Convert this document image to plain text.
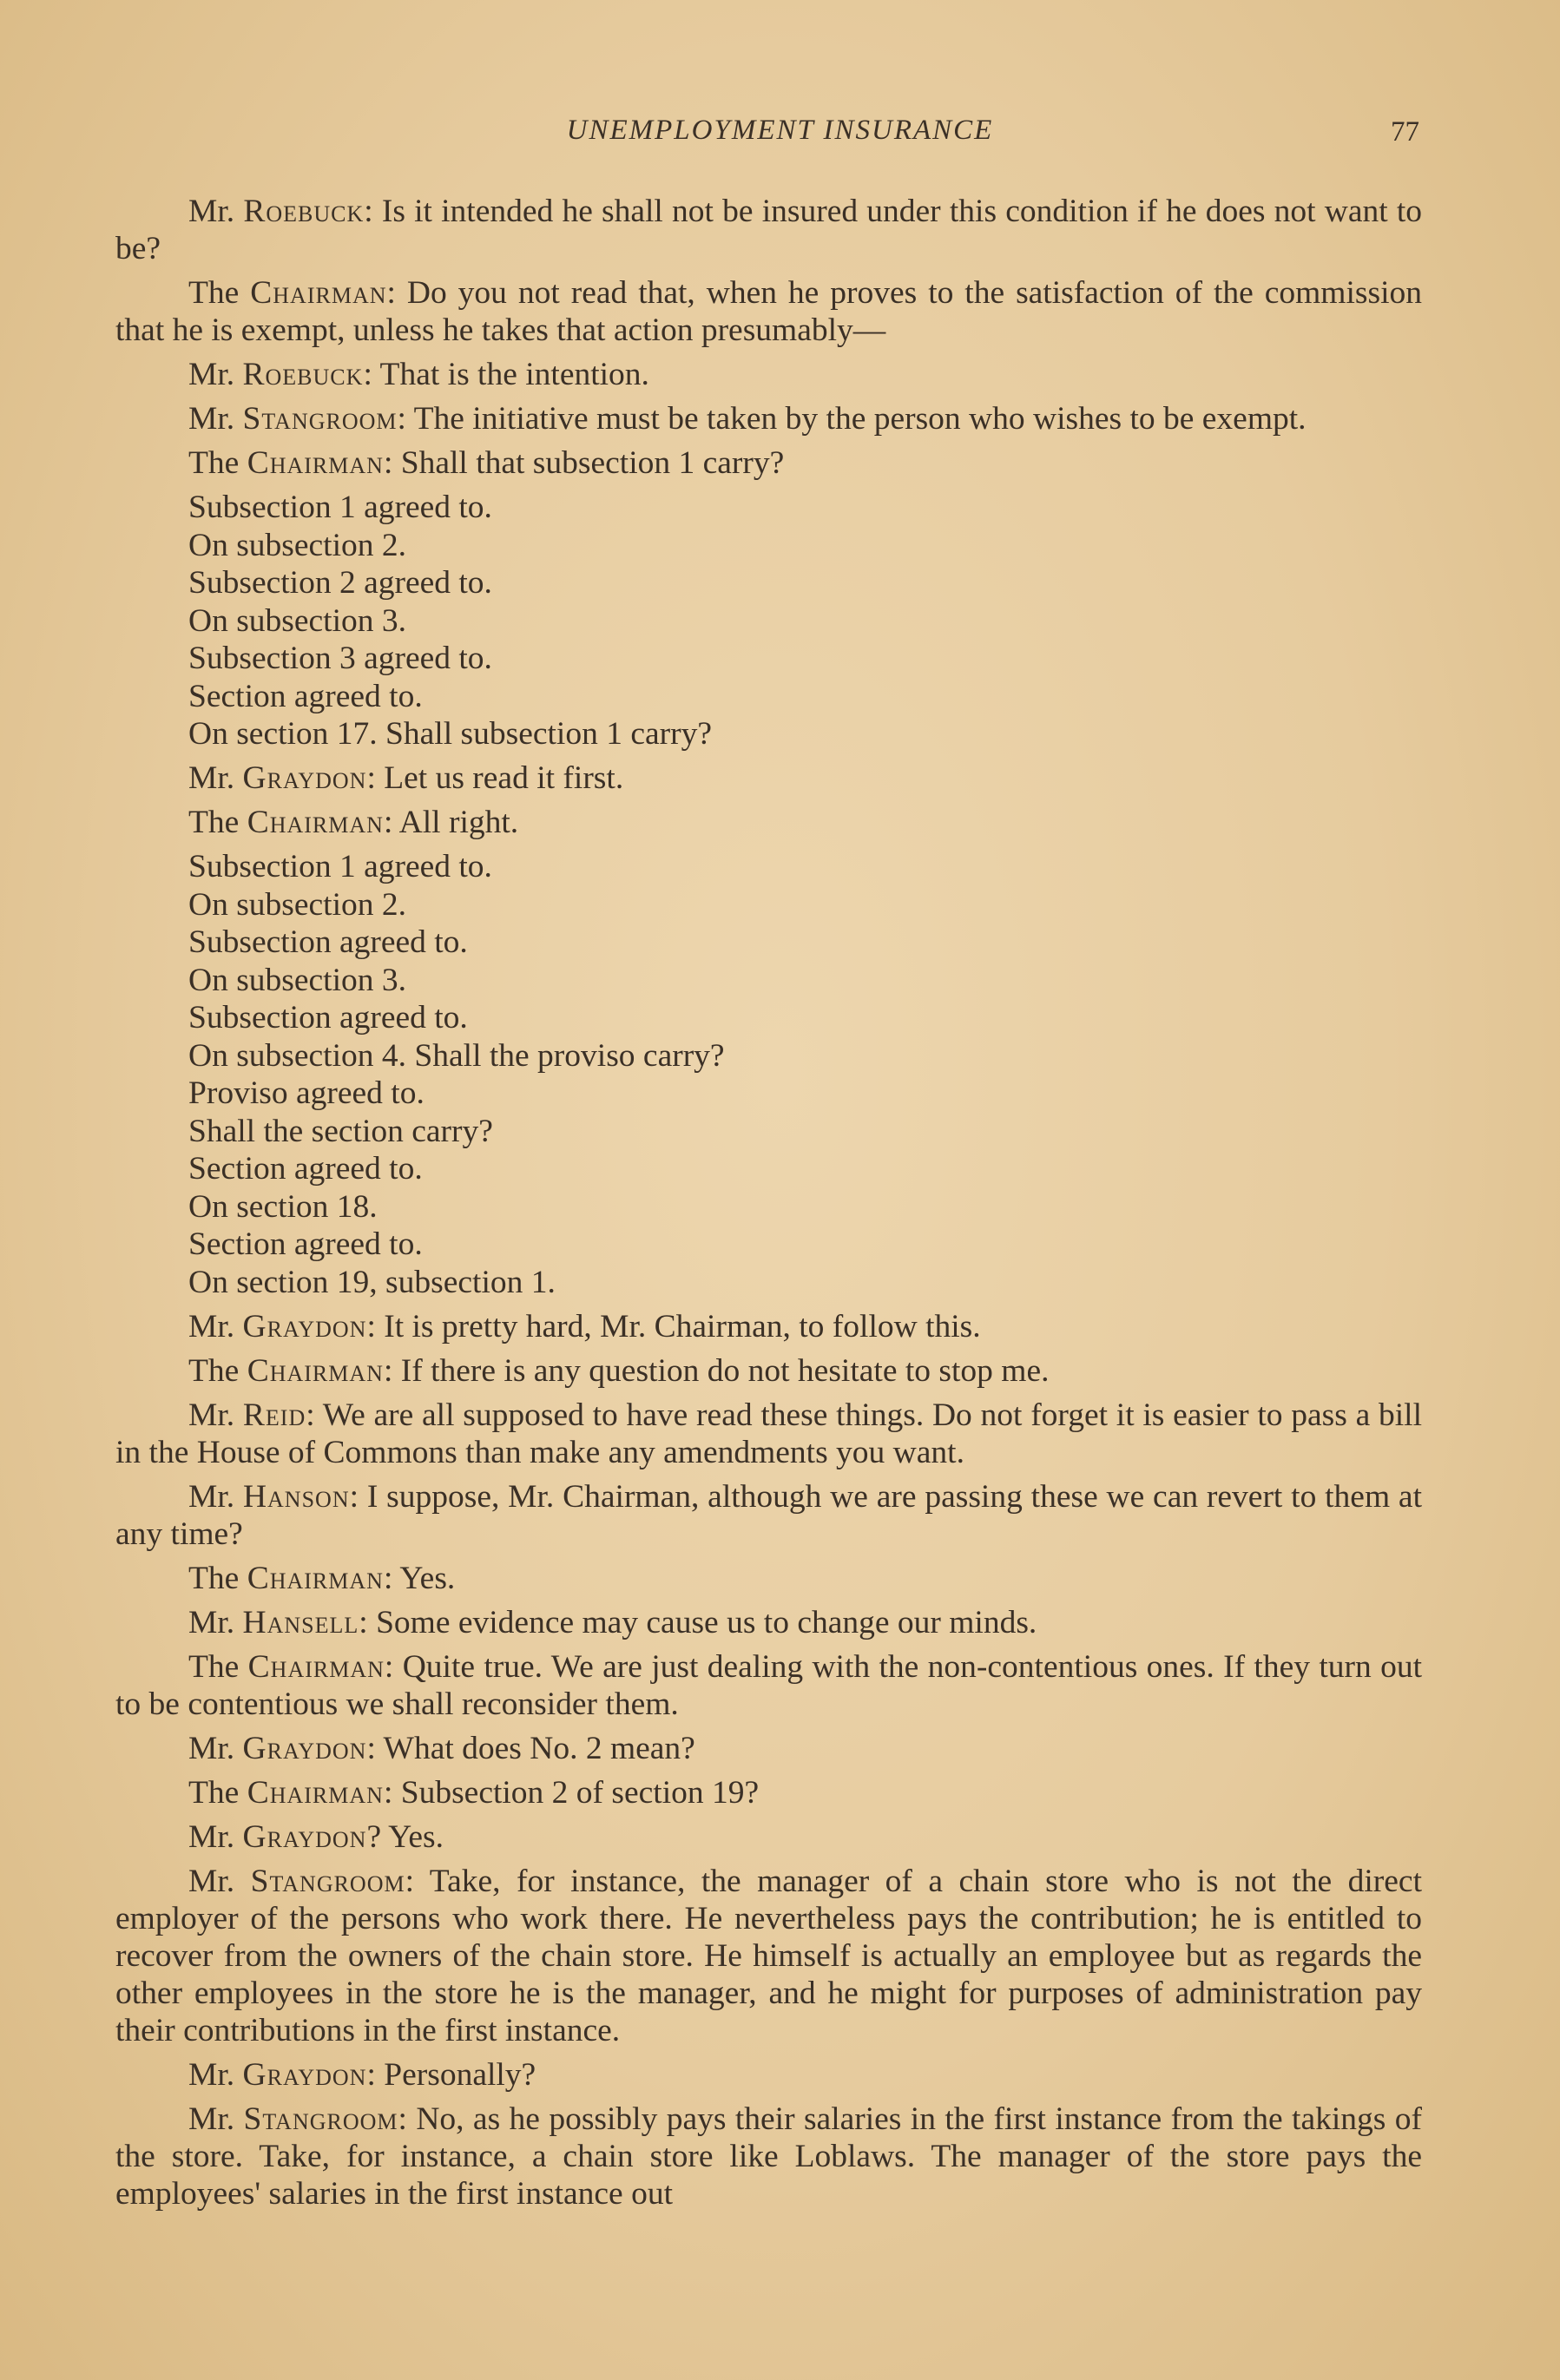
UNEMPLOYMENT INSURANCE	77
Mr. Roebuck: Is it intended he shall not be insured under this condition if he does not want to be?
The Chairman: Do you not read that, when he proves to the satisfaction of the commission that he is exempt, unless he takes that action presumably—
Mr. Roebuck: That is the intention.
Mr. Stangroom: The initiative must be taken by the person who wishes to be exempt.
The Chairman: Shall that subsection 1 carry?
Subsection 1 agreed to.
On subsection 2.
Subsection 2 agreed to.
On subsection 3.
Subsection 3 agreed to.
Section agreed to.
On section 17. Shall subsection 1 carry?
Mr. Graydon: Let us read it first.
The Chairman: All right.
Subsection 1 agreed to.
On subsection 2.
Subsection agreed to.
On subsection 3.
Subsection agreed to.
On subsection 4. Shall the proviso carry?
Proviso agreed to.
Shall the section carry?
Section agreed to.
On section 18.
Section agreed to.
On section 19, subsection 1.
Mr. Graydon: It is pretty hard, Mr. Chairman, to follow this.
The Chairman: If there is any question do not hesitate to stop me.
Mr. Reid: We are all supposed to have read these things. Do not forget it is easier to pass a bill in the House of Commons than make any amendments you want.
Mr. Hanson: I suppose, Mr. Chairman, although we are passing these we can revert to them at any time?
The Chairman: Yes.
Mr. Hansell: Some evidence may cause us to change our minds.
The Chairman: Quite true. We are just dealing with the non-contentious ones. If they turn out to be contentious we shall reconsider them.
Mr. Graydon: What does No. 2 mean?
The Chairman: Subsection 2 of section 19?
Mr. Graydon? Yes.
Mr. Stangroom: Take, for instance, the manager of a chain store who is not the direct employer of the persons who work there. He nevertheless pays the contribution; he is entitled to recover from the owners of the chain store. He himself is actually an employee but as regards the other employees in the store he is the manager, and he might for purposes of administration pay their contributions in the first instance.
Mr. Graydon: Personally?
Mr. Stangroom: No, as he possibly pays their salaries in the first instance from the takings of the store. Take, for instance, a chain store like Loblaws. The manager of the store pays the employees' salaries in the first instance out
